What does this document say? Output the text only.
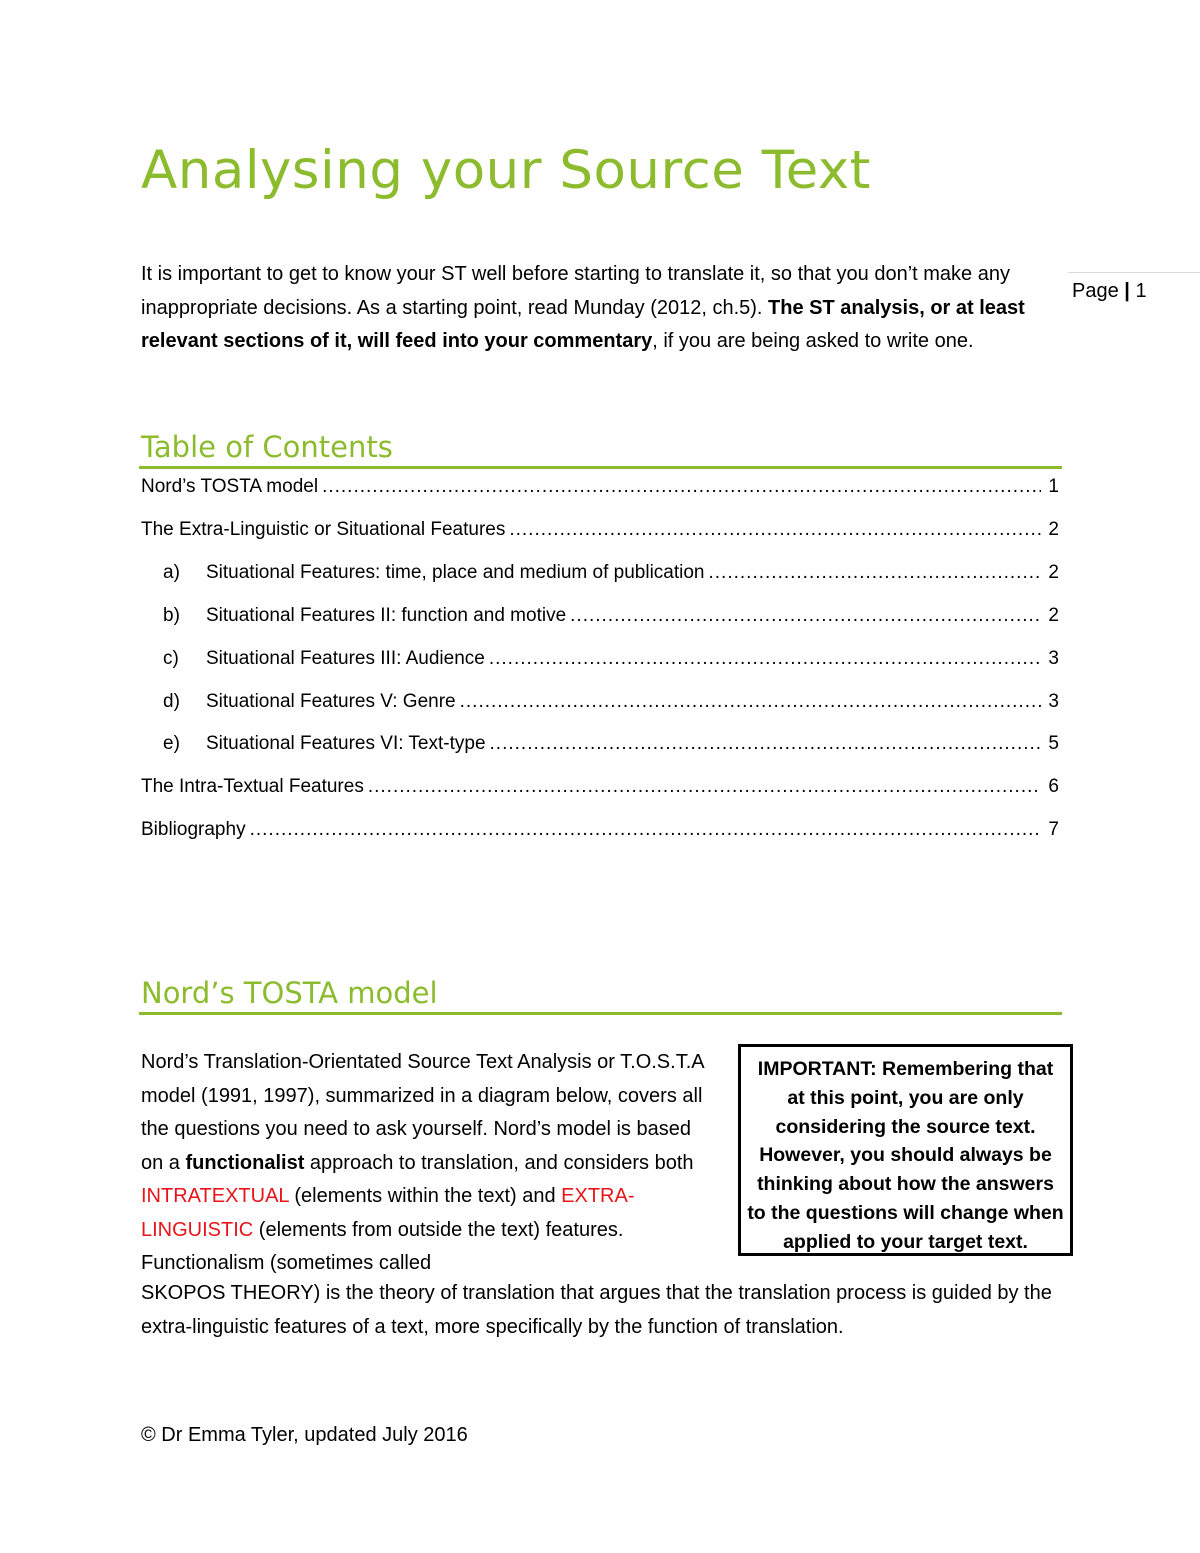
Analysing your Source Text
Page | 1
It is important to get to know your ST well before starting to translate it, so that you don’t make any inappropriate decisions. As a starting point, read Munday (2012, ch.5). The ST analysis, or at least relevant sections of it, will feed into your commentary, if you are being asked to write one.
Table of Contents
Nord’s TOSTA model .....	1
The Extra-Linguistic or Situational Features .....	2
a)	Situational Features: time, place and medium of publication .....	2
b)	Situational Features II: function and motive .....	2
c)	Situational Features III: Audience .....	3
d)	Situational Features V: Genre .....	3
e)	Situational Features VI: Text-type .....	5
The Intra-Textual Features .....	6
Bibliography .....	7
Nord’s TOSTA model
IMPORTANT: Remembering that at this point, you are only considering the source text. However, you should always be thinking about how the answers to the questions will change when applied to your target text.
Nord’s Translation-Orientated Source Text Analysis or T.O.S.T.A model (1991, 1997), summarized in a diagram below, covers all the questions you need to ask yourself. Nord’s model is based on a functionalist approach to translation, and considers both INTRATEXTUAL (elements within the text) and EXTRA-LINGUISTIC (elements from outside the text) features. Functionalism (sometimes called
SKOPOS THEORY) is the theory of translation that argues that the translation process is guided by the extra-linguistic features of a text, more specifically by the function of translation.
© Dr Emma Tyler, updated July 2016
